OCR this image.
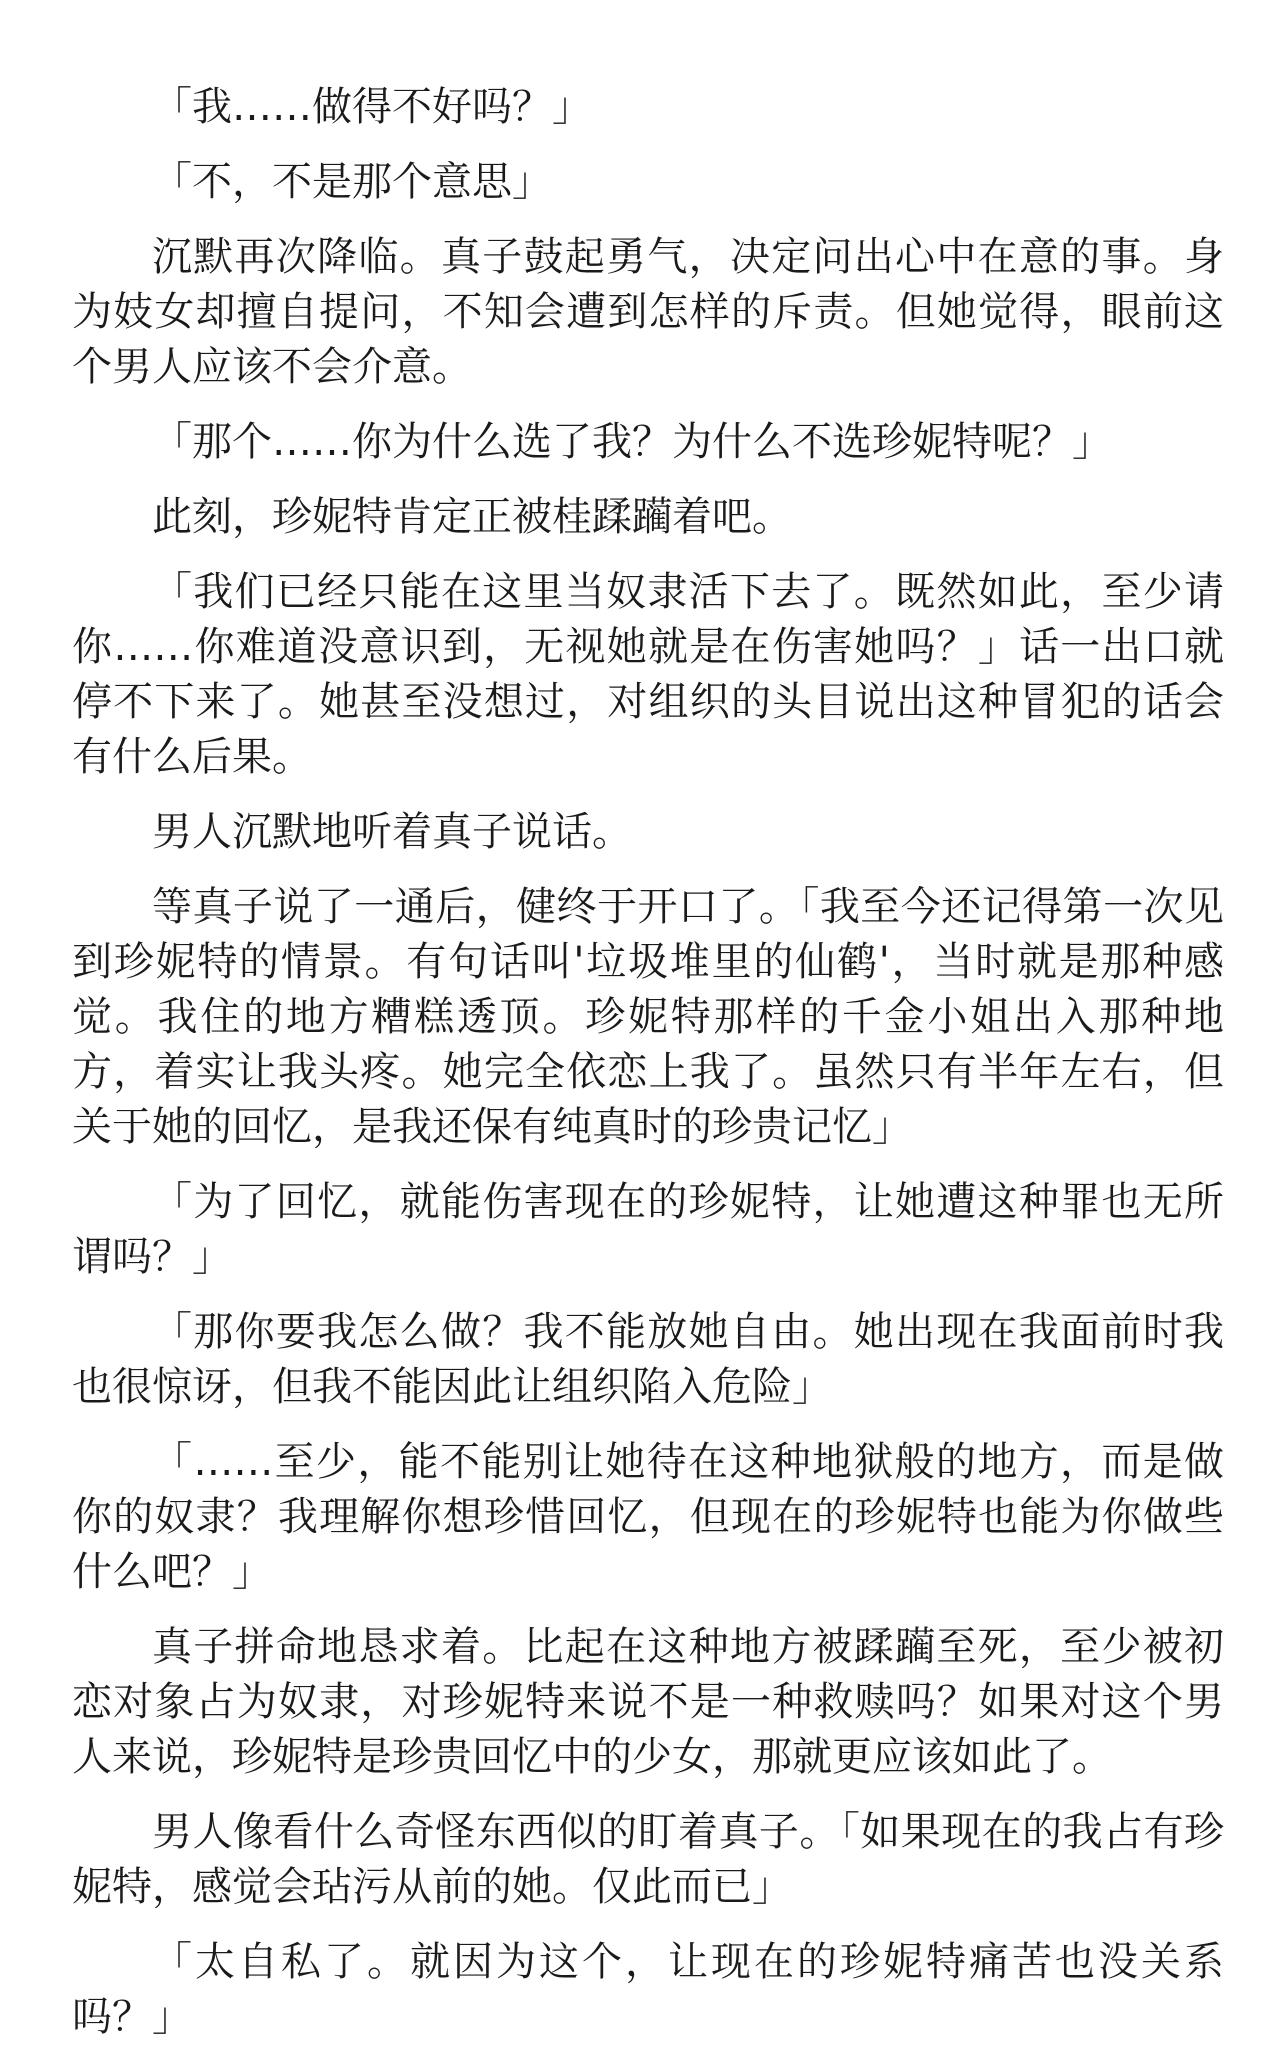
「我……做得不好吗？」

「不，不是那个意思」

沉默再次降临。真子鼓起勇气，决定问出心中在意的事。身为妓女却擅自提问，不知会遭到怎样的斥责。但她觉得，眼前这个男人应该不会介意。

「那个……你为什么选了我？为什么不选珍妮特呢？」

此刻，珍妮特肯定正被桂蹂躏着吧。

「我们已经只能在这里当奴隶活下去了。既然如此，至少请你……你难道没意识到，无视她就是在伤害她吗？」话一出口就停不下来了。她甚至没想过，对组织的头目说出这种冒犯的话会有什么后果。

男人沉默地听着真子说话。

等真子说了一通后，健终于开口了。「我至今还记得第一次见到珍妮特的情景。有句话叫'垃圾堆里的仙鹤'，当时就是那种感觉。我住的地方糟糕透顶。珍妮特那样的千金小姐出入那种地方，着实让我头疼。她完全依恋上我了。虽然只有半年左右，但关于她的回忆，是我还保有纯真时的珍贵记忆」

「为了回忆，就能伤害现在的珍妮特，让她遭这种罪也无所谓吗？」

「那你要我怎么做？我不能放她自由。她出现在我面前时我也很惊讶，但我不能因此让组织陷入危险」

「……至少，能不能别让她待在这种地狱般的地方，而是做你的奴隶？我理解你想珍惜回忆，但现在的珍妮特也能为你做些什么吧？」

真子拼命地恳求着。比起在这种地方被蹂躏至死，至少被初恋对象占为奴隶，对珍妮特来说不是一种救赎吗？如果对这个男人来说，珍妮特是珍贵回忆中的少女，那就更应该如此了。

男人像看什么奇怪东西似的盯着真子。「如果现在的我占有珍妮特，感觉会玷污从前的她。仅此而已」

「太自私了。就因为这个，让现在的珍妮特痛苦也没关系吗？」
